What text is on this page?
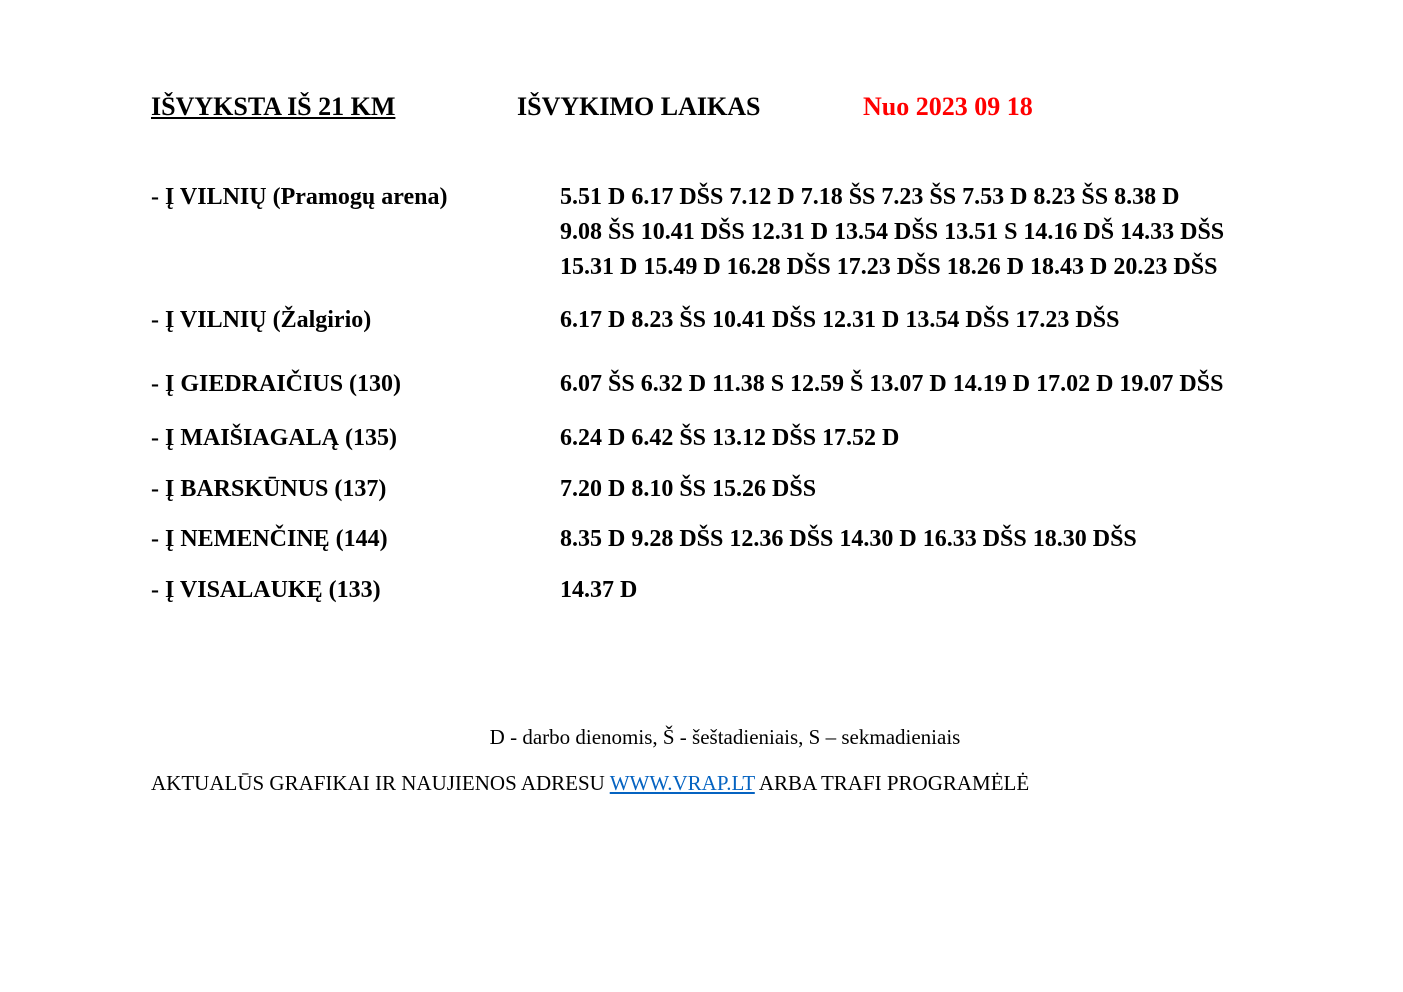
IŠVYKSTA IŠ 21 KM	IŠVYKIMO LAIKAS	Nuo 2023 09 18
- Į VILNIŲ (Pramogų arena)	5.51 D 6.17 DŠS 7.12 D 7.18 ŠS 7.23 ŠS 7.53 D 8.23 ŠS 8.38 D
9.08 ŠS 10.41 DŠS 12.31 D 13.54 DŠS 13.51 S 14.16 DŠ 14.33 DŠS
15.31 D 15.49 D 16.28 DŠS 17.23 DŠS 18.26 D 18.43 D 20.23 DŠS
- Į VILNIŲ (Žalgirio)	6.17 D 8.23 ŠS 10.41 DŠS 12.31 D 13.54 DŠS 17.23 DŠS
- Į GIEDRAIČIUS (130)	6.07 ŠS 6.32 D 11.38 S 12.59 Š 13.07 D 14.19 D 17.02 D 19.07 DŠS
- Į MAIŠIAGALĄ (135)	6.24 D 6.42 ŠS 13.12 DŠS 17.52 D
- Į BARSKŪNUS (137)	7.20 D 8.10 ŠS 15.26 DŠS
- Į NEMENČINĘ (144)	8.35 D 9.28 DŠS 12.36 DŠS 14.30 D 16.33 DŠS 18.30 DŠS
- Į VISALAUKĘ (133)	14.37 D
D - darbo dienomis, Š - šeštadieniais, S – sekmadieniais
AKTUALŪS GRAFIKAI IR NAUJIENOS ADRESU WWW.VRAP.LT ARBA TRAFI PROGRAMĖLĖ
